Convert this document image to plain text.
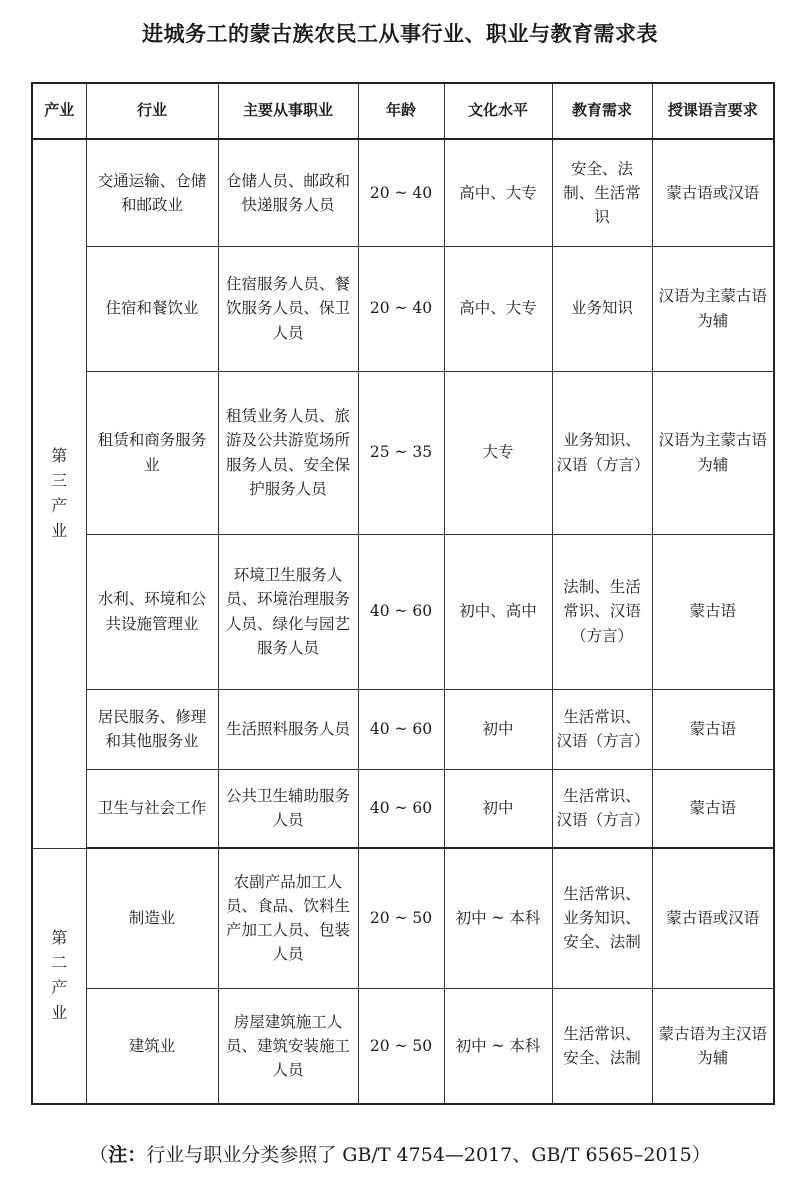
进城务工的蒙古族农民工从事行业、职业与教育需求表
产业	行业	主要从事职业	年龄	文化水平	教育需求	授课语言要求
第三产业	交通运输、仓储和邮政业	仓储人员、邮政和快递服务人员	20 ~ 40	高中、大专	安全、法制、生活常识	蒙古语或汉语
	住宿和餐饮业	住宿服务人员、餐饮服务人员、保卫人员	20 ~ 40	高中、大专	业务知识	汉语为主蒙古语为辅
	租赁和商务服务业	租赁业务人员、旅游及公共游览场所服务人员、安全保护服务人员	25 ~ 35	大专	业务知识、汉语（方言）	汉语为主蒙古语为辅
	水利、环境和公共设施管理业	环境卫生服务人员、环境治理服务人员、绿化与园艺服务人员	40 ~ 60	初中、高中	法制、生活常识、汉语（方言）	蒙古语
	居民服务、修理和其他服务业	生活照料服务人员	40 ~ 60	初中	生活常识、汉语（方言）	蒙古语
	卫生与社会工作	公共卫生辅助服务人员	40 ~ 60	初中	生活常识、汉语（方言）	蒙古语
第二产业	制造业	农副产品加工人员、食品、饮料生产加工人员、包装人员	20 ~ 50	初中 ~ 本科	生活常识、业务知识、安全、法制	蒙古语或汉语
	建筑业	房屋建筑施工人员、建筑安装施工人员	20 ~ 50	初中 ~ 本科	生活常识、安全、法制	蒙古语为主汉语为辅
（注：行业与职业分类参照了 GB/T 4754—2017、GB/T 6565–2015）
